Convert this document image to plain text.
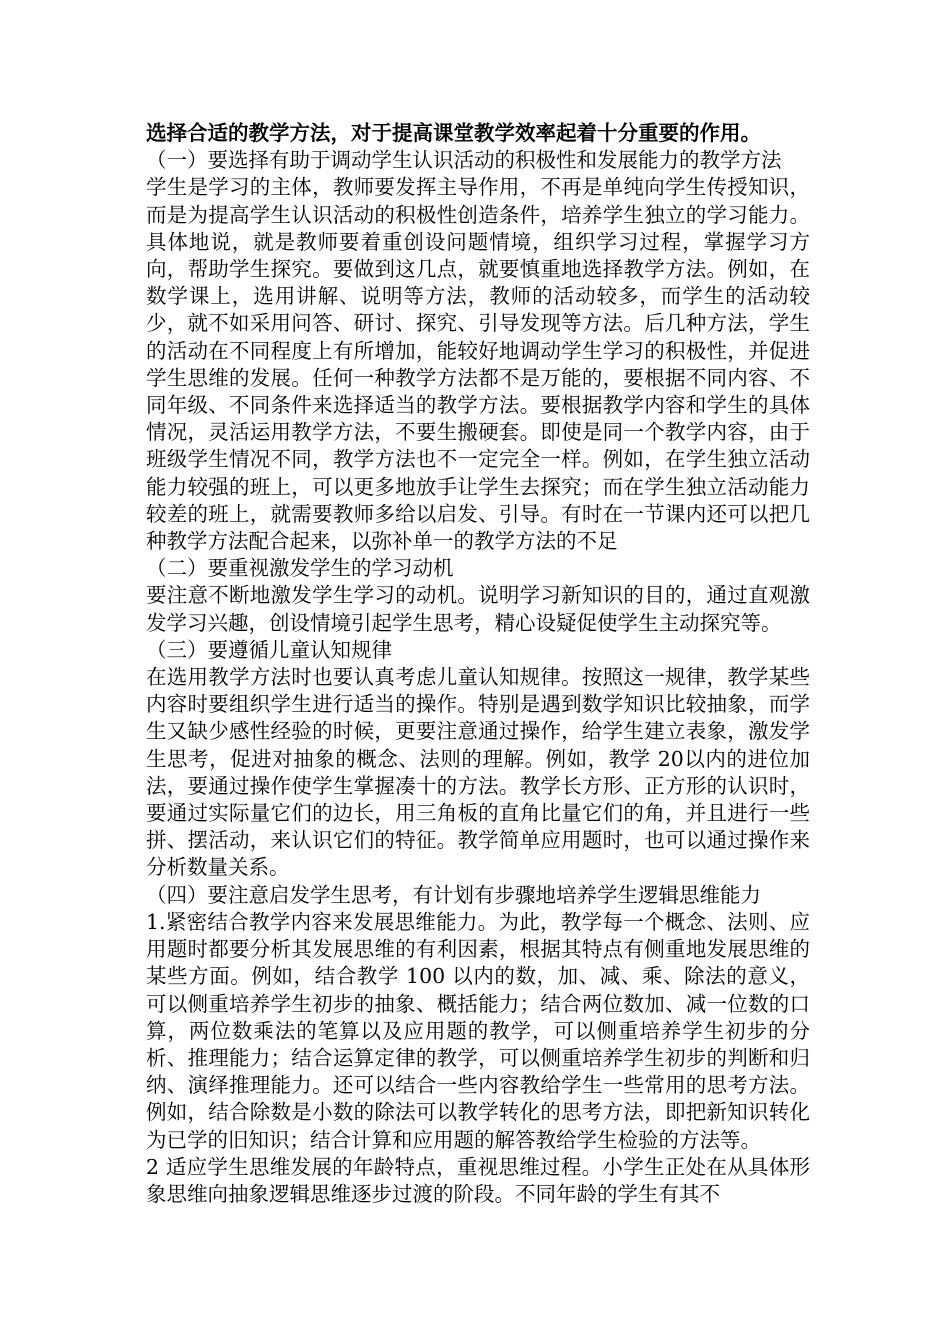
选择合适的教学方法，对于提高课堂教学效率起着十分重要的作用。

（一）要选择有助于调动学生认识活动的积极性和发展能力的教学方法

学生是学习的主体，教师要发挥主导作用，不再是单纯向学生传授知识，而是为提高学生认识活动的积极性创造条件，培养学生独立的学习能力。具体地说，就是教师要着重创设问题情境，组织学习过程，掌握学习方向，帮助学生探究。要做到这几点，就要慎重地选择教学方法。例如，在数学课上，选用讲解、说明等方法，教师的活动较多，而学生的活动较少，就不如采用问答、研讨、探究、引导发现等方法。后几种方法，学生的活动在不同程度上有所增加，能较好地调动学生学习的积极性，并促进学生思维的发展。任何一种教学方法都不是万能的，要根据不同内容、不同年级、不同条件来选择适当的教学方法。要根据教学内容和学生的具体情况，灵活运用教学方法，不要生搬硬套。即使是同一个教学内容，由于班级学生情况不同，教学方法也不一定完全一样。例如，在学生独立活动能力较强的班上，可以更多地放手让学生去探究；而在学生独立活动能力较差的班上，就需要教师多给以启发、引导。有时在一节课内还可以把几种教学方法配合起来，以弥补单一的教学方法的不足

（二）要重视激发学生的学习动机

要注意不断地激发学生学习的动机。说明学习新知识的目的，通过直观激发学习兴趣，创设情境引起学生思考，精心设疑促使学生主动探究等。

（三）要遵循儿童认知规律

在选用教学方法时也要认真考虑儿童认知规律。按照这一规律，教学某些内容时要组织学生进行适当的操作。特别是遇到数学知识比较抽象，而学生又缺少感性经验的时候，更要注意通过操作，给学生建立表象，激发学生思考，促进对抽象的概念、法则的理解。例如，教学 20以内的进位加法，要通过操作使学生掌握凑十的方法。教学长方形、正方形的认识时，要通过实际量它们的边长，用三角板的直角比量它们的角，并且进行一些拼、摆活动，来认识它们的特征。教学简单应用题时，也可以通过操作来分析数量关系。

（四）要注意启发学生思考，有计划有步骤地培养学生逻辑思维能力

1.紧密结合教学内容来发展思维能力。为此，教学每一个概念、法则、应用题时都要分析其发展思维的有利因素，根据其特点有侧重地发展思维的某些方面。例如，结合教学 100 以内的数，加、减、乘、除法的意义，可以侧重培养学生初步的抽象、概括能力；结合两位数加、减一位数的口算，两位数乘法的笔算以及应用题的教学，可以侧重培养学生初步的分析、推理能力；结合运算定律的教学，可以侧重培养学生初步的判断和归纳、演绎推理能力。还可以结合一些内容教给学生一些常用的思考方法。例如，结合除数是小数的除法可以教学转化的思考方法，即把新知识转化为已学的旧知识；结合计算和应用题的解答教给学生检验的方法等。

2 适应学生思维发展的年龄特点，重视思维过程。小学生正处在从具体形象思维向抽象逻辑思维逐步过渡的阶段。不同年龄的学生有其不
